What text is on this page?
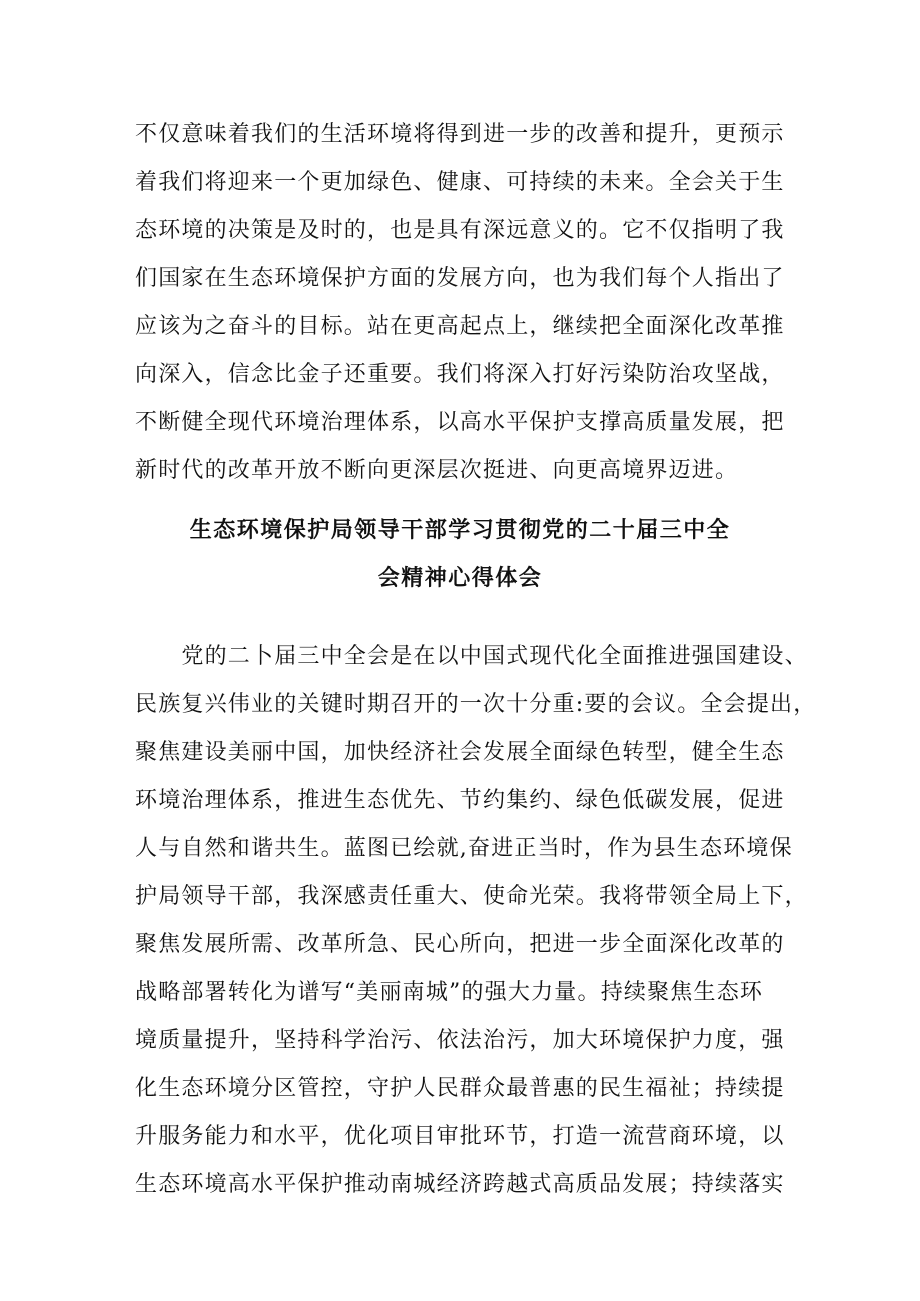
不仅意味着我们的生活环境将得到进一步的改善和提升，更预示
着我们将迎来一个更加绿色、健康、可持续的未来。全会关于生
态环境的决策是及时的，也是具有深远意义的。它不仅指明了我
们国家在生态环境保护方面的发展方向，也为我们每个人指出了
应该为之奋斗的目标。站在更高起点上，继续把全面深化改革推
向深入，信念比金子还重要。我们将深入打好污染防治攻坚战，
不断健全现代环境治理体系，以高水平保护支撑高质量发展，把
新时代的改革开放不断向更深层次挺进、向更高境界迈进。
生态环境保护局领导干部学习贯彻党的二十届三中全
会精神心得体会
　　党的二卜届三中全会是在以中国式现代化全面推进强国建设、
民族复兴伟业的关键时期召开的一次十分重:要的会议。全会提出，
聚焦建设美丽中国，加快经济社会发展全面绿色转型，健全生态
环境治理体系，推进生态优先、节约集约、绿色低碳发展，促进
人与自然和谐共生。蓝图已绘就,奋进正当时，作为县生态环境保
护局领导干部，我深感责任重大、使命光荣。我将带领全局上下，
聚焦发展所需、改革所急、民心所向，把进一步全面深化改革的
战略部署转化为谱写“美丽南城”的强大力量。持续聚焦生态环
境质量提升，坚持科学治污、依法治污，加大环境保护力度，强
化生态环境分区管控，守护人民群众最普惠的民生福祉；持续提
升服务能力和水平，优化项目审批环节，打造一流营商环境，以
生态环境高水平保护推动南城经济跨越式高质品发展；持续落实
